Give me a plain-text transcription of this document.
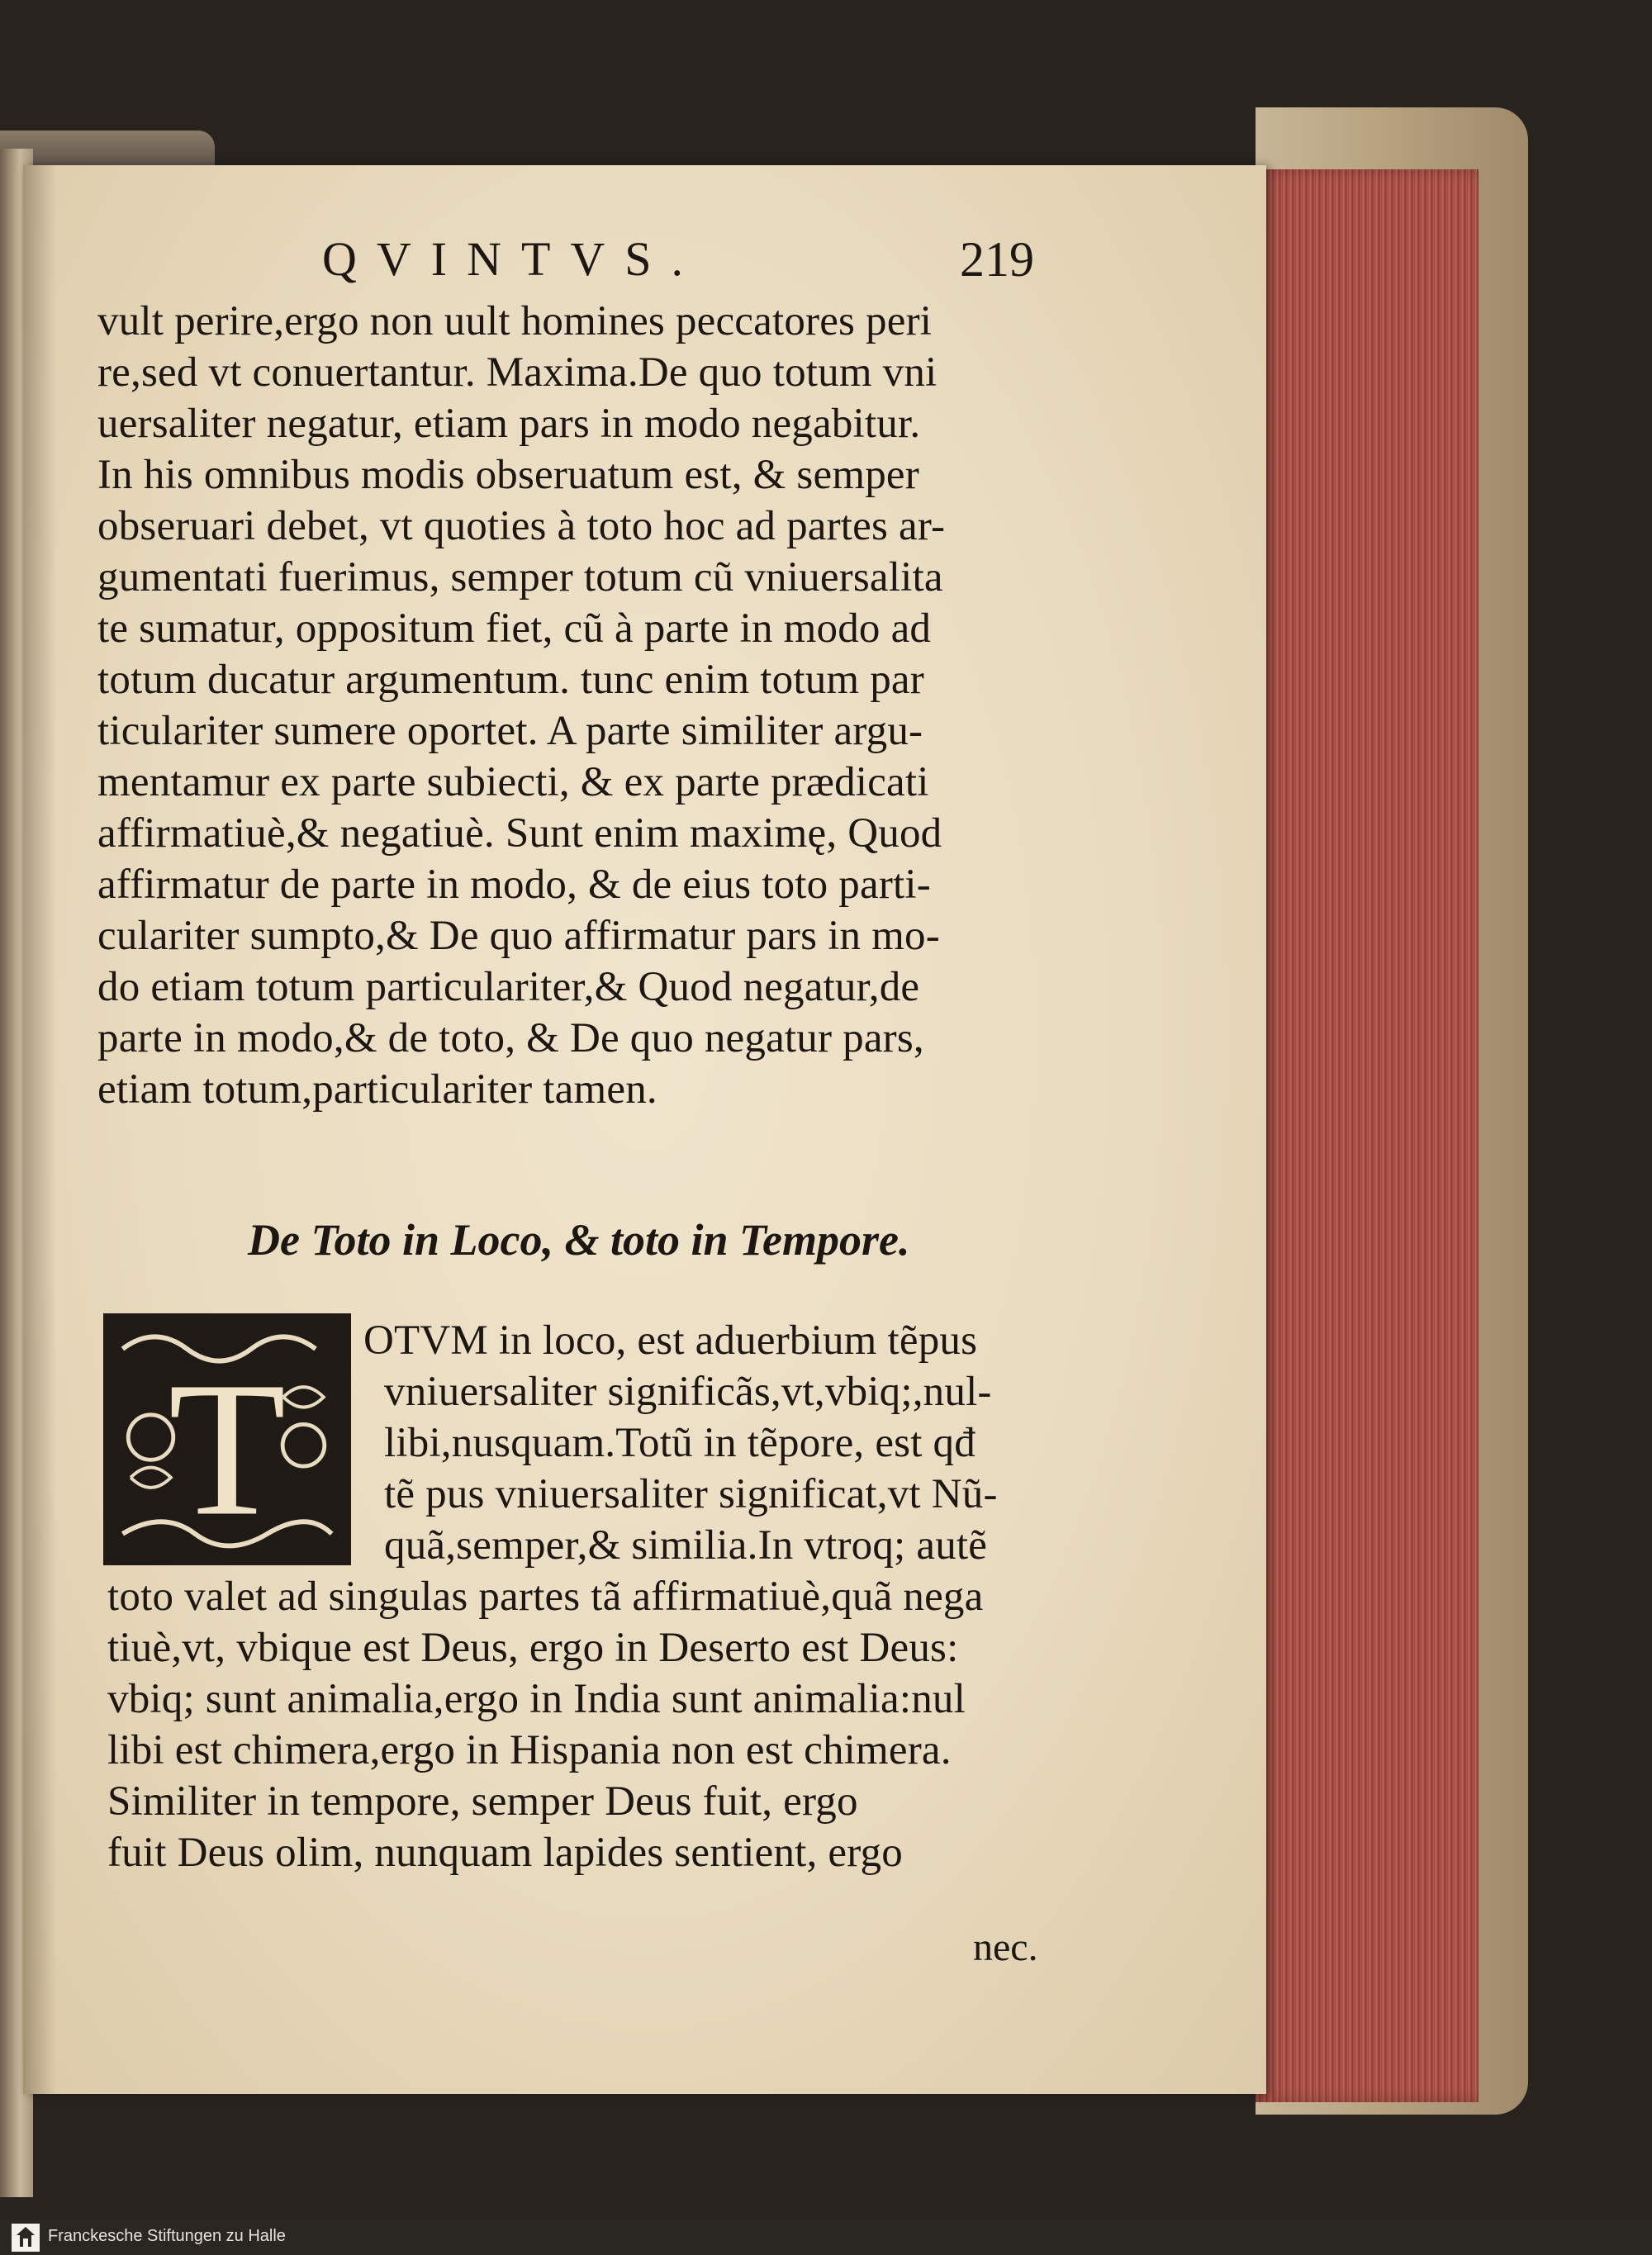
QVINTVS.	219
vult perire,ergo non uult homines peccatores peri
re,sed vt conuertantur. Maxima.De quo totum vni
uersaliter negatur, etiam pars in modo negabitur.
In his omnibus modis obseruatum est, & semper
obseruari debet, vt quoties à toto hoc ad partes ar-
gumentati fuerimus, semper totum cũ vniuersalita
te sumatur, oppositum fiet, cũ à parte in modo ad
totum ducatur argumentum. tunc enim totum par
ticulariter sumere oportet. A parte similiter argu-
mentamur ex parte subiecti, & ex parte prædicati
affirmatiuè,& negatiuè. Sunt enim maximę, Quod
affirmatur de parte in modo, & de eius toto parti-
culariter sumpto,& De quo affirmatur pars in mo-
do etiam totum particulariter,& Quod negatur,de
parte in modo,& de toto, & De quo negatur pars,
etiam totum,particulariter tamen.
De Toto in Loco, & toto in Tempore.
T
OTVM in loco, est aduerbium tẽpus
vniuersaliter significãs,vt,vbiq;,nul-
libi,nusquam.Totũ in tẽpore, est qđ
tẽ pus vniuersaliter significat,vt Nũ-
quã,semper,& similia.In vtroq; autẽ
toto valet ad singulas partes tã affirmatiuè,quã nega
tiuè,vt, vbique est Deus, ergo in Deserto est Deus:
vbiq; sunt animalia,ergo in India sunt animalia:nul
libi est chimera,ergo in Hispania non est chimera.
Similiter in tempore, semper Deus fuit, ergo
fuit Deus olim, nunquam lapides sentient, ergo
nec.
Franckesche Stiftungen zu Halle
